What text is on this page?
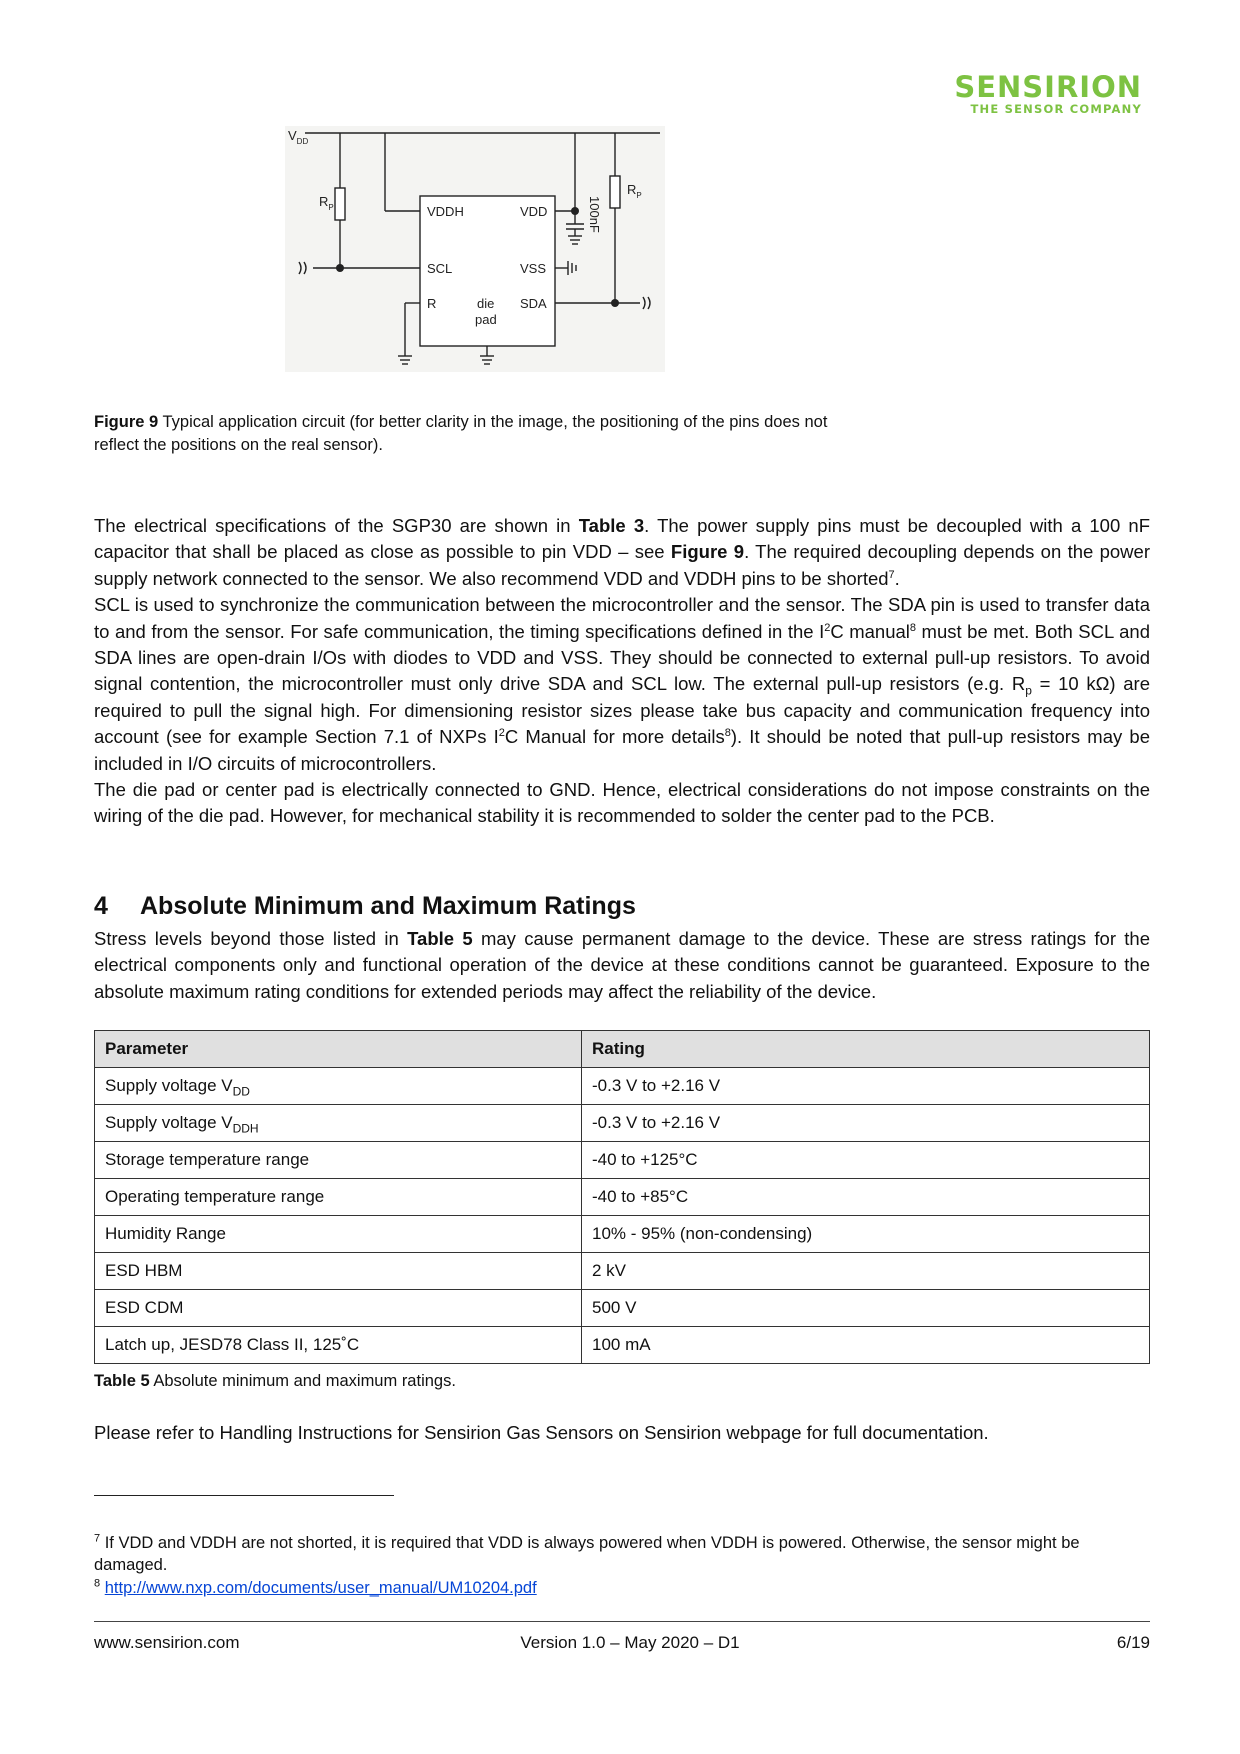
SENSIRION
THE SENSOR COMPANY
$V_{DD}$
$R_P$
$R_P$
VDDH	VDD
SCL	VSS
R	die
pad
SDA
100nF
Figure 9 Typical application circuit (for better clarity in the image, the positioning of the pins does not
reflect the positions on the real sensor).

The electrical specifications of the SGP30 are shown in Table 3. The power supply pins must be decoupled with a 100 nF capacitor that shall be placed as close as possible to pin VDD – see Figure 9. The required decoupling depends on the power supply network connected to the sensor. We also recommend VDD and VDDH pins to be shorted$^7$.

SCL is used to synchronize the communication between the microcontroller and the sensor. The SDA pin is used to transfer data to and from the sensor. For safe communication, the timing specifications defined in the $I^2C$ manual$^8$ must be met. Both SCL and SDA lines are open-drain I/Os with diodes to VDD and VSS. They should be connected to external pull-up resistors. To avoid signal contention, the microcontroller must only drive SDA and SCL low. The external pull-up resistors (e.g. $R_p = 10$ kΩ) are required to pull the signal high. For dimensioning resistor sizes please take bus capacity and communication frequency into account (see for example Section 7.1 of NXPs $I^2C$ Manual for more details$^8$). It should be noted that pull-up resistors may be included in I/O circuits of microcontrollers.

The die pad or center pad is electrically connected to GND. Hence, electrical considerations do not impose constraints on the wiring of the die pad. However, for mechanical stability it is recommended to solder the center pad to the PCB.

4 Absolute Minimum and Maximum Ratings

Stress levels beyond those listed in Table 5 may cause permanent damage to the device. These are stress ratings for the electrical components only and functional operation of the device at these conditions cannot be guaranteed. Exposure to the absolute maximum rating conditions for extended periods may affect the reliability of the device.

Parameter	Rating
Supply voltage $V_{DD}$	-0.3 V to +2.16 V
Supply voltage $V_{DDH}$	-0.3 V to +2.16 V
Storage temperature range	-40 to +125°C
Operating temperature range	-40 to +85°C
Humidity Range	10% - 95% (non-condensing)
ESD HBM	2 kV
ESD CDM	500 V
Latch up, JESD78 Class II, 125˚C	100 mA
Table 5 Absolute minimum and maximum ratings.
Please refer to Handling Instructions for Sensirion Gas Sensors on Sensirion webpage for full documentation.
$^7$ If VDD and VDDH are not shorted, it is required that VDD is always powered when VDDH is powered. Otherwise, the sensor might be damaged.
$^8$ http://www.nxp.com/documents/user_manual/UM10204.pdf
www.sensirion.com	Version 1.0 – May 2020 – D1	6/19
